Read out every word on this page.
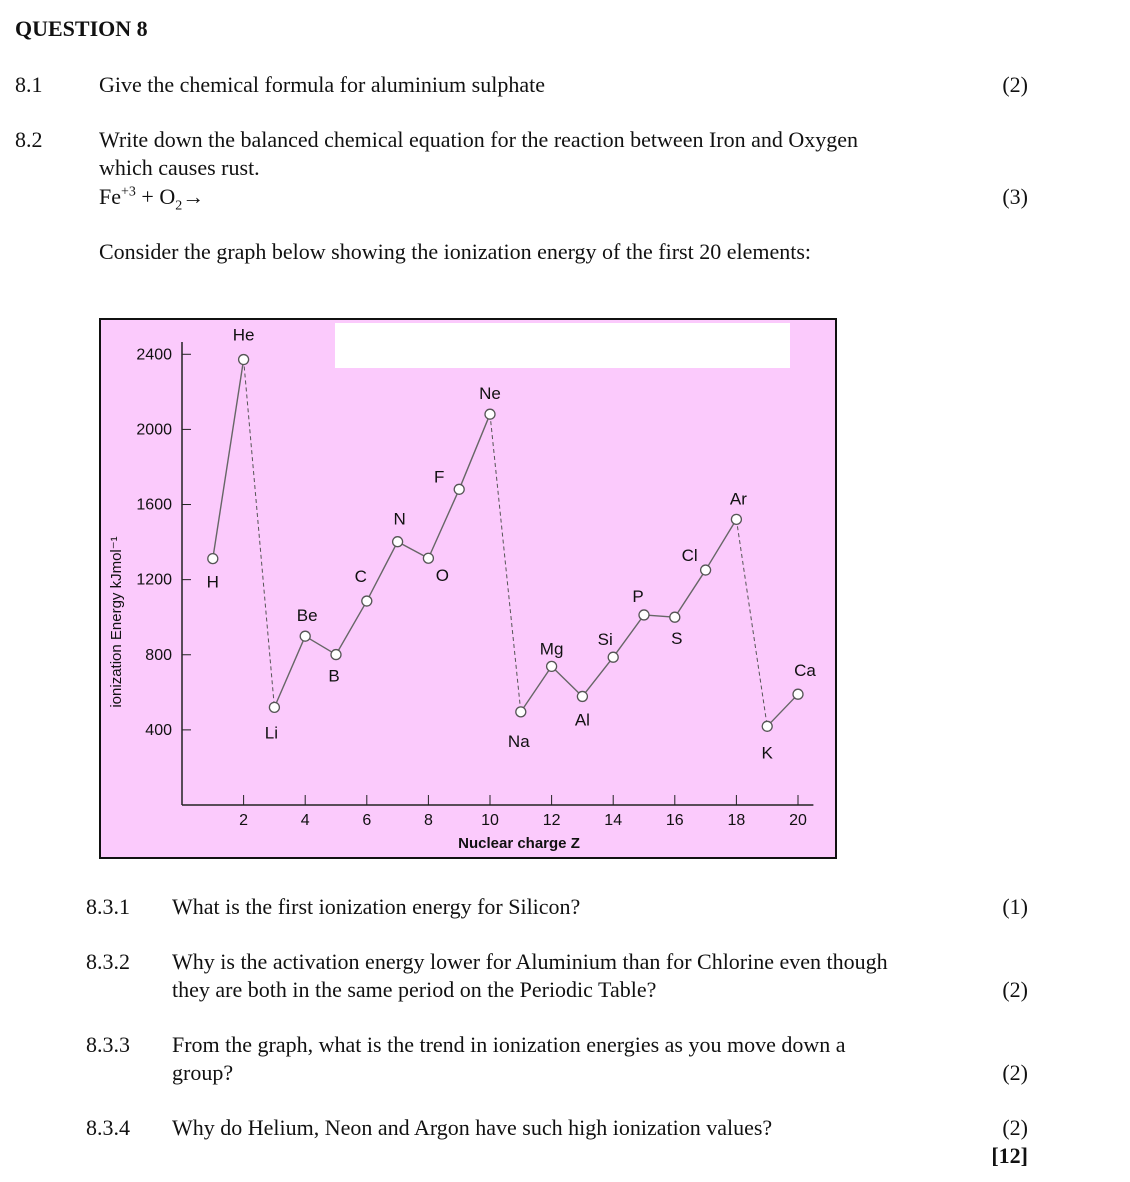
QUESTION 8
8.1	Give the chemical formula for aluminium sulphate	(2)
8.2	Write down the balanced chemical equation for the reaction between Iron and Oxygen
which causes rust.
$Fe^{+3} + O_2\to$	(3)
Consider the graph below showing the ionization energy of the first 20 elements:
400
800
1200
1600
2000
2400
2	4	6	8	10	12	14	16	18	20
H
He
Li
Be
B
C
N
O
F
Ne
Na
Mg
Al
Si
P
S
Cl
Ar
K
Ca
Nuclear charge Z
ionization Energy kJmol⁻¹
8.3.1 What is the first ionization energy for Silicon?	(1)
8.3.2 Why is the activation energy lower for Aluminium than for Chlorine even though
they are both in the same period on the Periodic Table?	(2)
8.3.3 From the graph, what is the trend in ionization energies as you move down a
group?	(2)
8.3.4 Why do Helium, Neon and Argon have such high ionization values?	(2)
[12]
